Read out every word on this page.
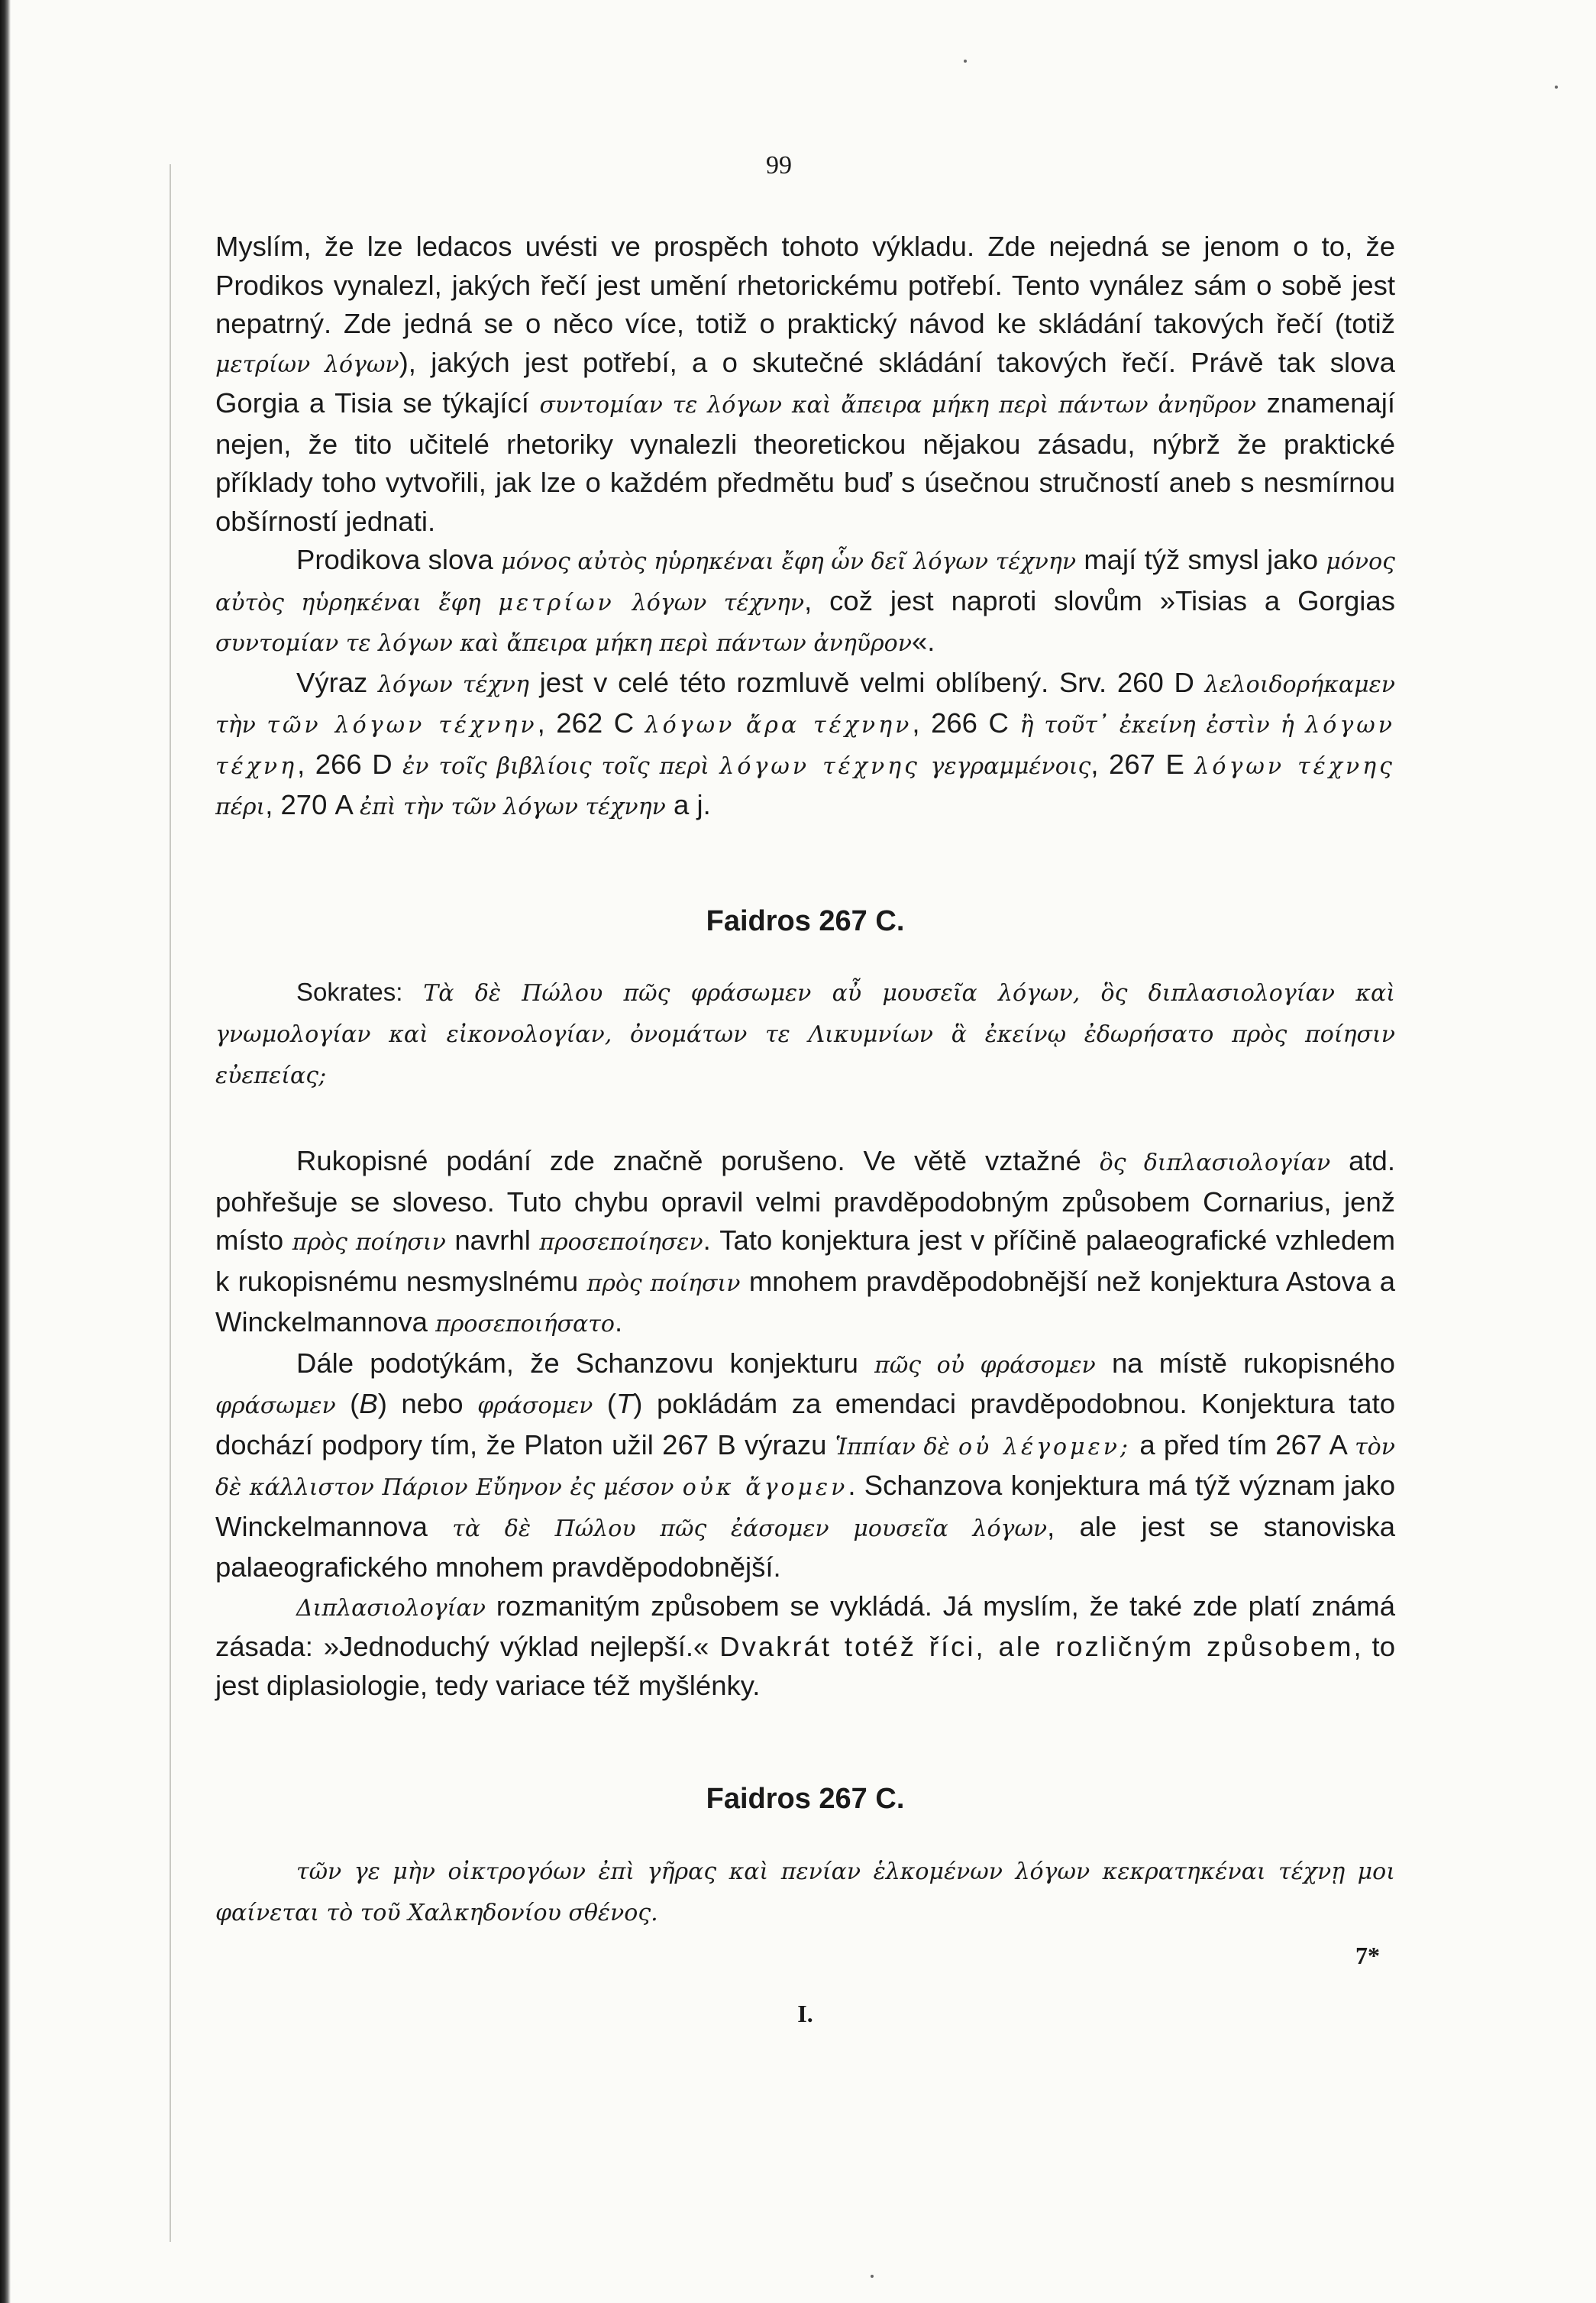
99

Myslím, že lze ledacos uvésti ve prospěch tohoto výkladu. Zde nejedná se jenom o to, že Prodikos vynalezl, jakých řečí jest umění rhetorickému potřebí. Tento vynález sám o sobě jest nepatrný. Zde jedná se o něco více, totiž o praktický návod ke skládání takových řečí (totiž μετρίων λόγων), jakých jest potřebí, a o skutečné skládání takových řečí. Právě tak slova Gorgia a Tisia se týkající συντομίαν τε λόγων καὶ ἄπειρα μήκη περὶ πάντων ἀνηῦρον znamenají nejen, že tito učitelé rhetoriky vynalezli theoretickou nějakou zásadu, nýbrž že praktické příklady toho vytvořili, jak lze o každém předmětu buď s úsečnou stručností aneb s nesmírnou obšírností jednati.

Prodikova slova μόνος αὐτὸς ηὑρηκέναι ἔφη ὧν δεῖ λόγων τέχνην mají týž smysl jako μόνος αὐτὸς ηὑρηκέναι ἔφη μετρίων λόγων τέχνην, což jest naproti slovům »Tisias a Gorgias συντομίαν τε λόγων καὶ ἄπειρα μήκη περὶ πάντων ἀνηῦρον«.

Výraz λόγων τέχνη jest v celé této rozmluvě velmi oblíbený. Srv. 260 D λελοιδορήκαμεν τὴν τῶν λόγων τέχνην, 262 C λόγων ἄρα τέχνην, 266 C ἢ τοῦτ᾽ ἐκείνη ἐστὶν ἡ λόγων τέχνη, 266 D ἐν τοῖς βιβλίοις τοῖς περὶ λόγων τέχνης γεγραμμένοις, 267 E λόγων τέχνης πέρι, 270 A ἐπὶ τὴν τῶν λόγων τέχνην a j.

Faidros 267 C.

Sokrates: Τὰ δὲ Πώλου πῶς φράσωμεν αὖ μουσεῖα λόγων, ὃς διπλασιολογίαν καὶ γνωμολογίαν καὶ εἰκονολογίαν, ὀνομάτων τε Λικυμνίων ἃ ἐκείνῳ ἐδωρήσατο πρὸς ποίησιν εὐεπείας;

Rukopisné podání zde značně porušeno. Ve větě vztažné ὃς διπλασιολογίαν atd. pohřešuje se sloveso. Tuto chybu opravil velmi pravděpodobným způsobem Cornarius, jenž místo πρὸς ποίησιν navrhl προσεποίησεν. Tato konjektura jest v příčině palaeografické vzhledem k rukopisnému nesmyslnému πρὸς ποίησιν mnohem pravděpodobnější než konjektura Astova a Winckelmannova προσεποιήσατο.

Dále podotýkám, že Schanzovu konjekturu πῶς οὐ φράσομεν na místě rukopisného φράσωμεν (B) nebo φράσομεν (T) pokládám za emendaci pravděpodobnou. Konjektura tato dochází podpory tím, že Platon užil 267 B výrazu Ἱππίαν δὲ οὐ λέγομεν; a před tím 267 A τὸν δὲ κάλλιστον Πάριον Εὔηνον ἐς μέσον οὐκ ἄγομεν. Schanzova konjektura má týž význam jako Winckelmannova τὰ δὲ Πώλου πῶς ἐάσομεν μουσεῖα λόγων, ale jest se stanoviska palaeografického mnohem pravděpodobnější.

Διπλασιολογίαν rozmanitým způsobem se vykládá. Já myslím, že také zde platí známá zásada: »Jednoduchý výklad nejlepší.« Dvakrát totéž říci, ale rozličným způsobem, to jest diplasiologie, tedy variace též myšlénky.

Faidros 267 C.

τῶν γε μὴν οἰκτρογόων ἐπὶ γῆρας καὶ πενίαν ἑλκομένων λόγων κεκρατηκέναι τέχνῃ μοι φαίνεται τὸ τοῦ Χαλκηδονίου σθένος.

7*
I.
